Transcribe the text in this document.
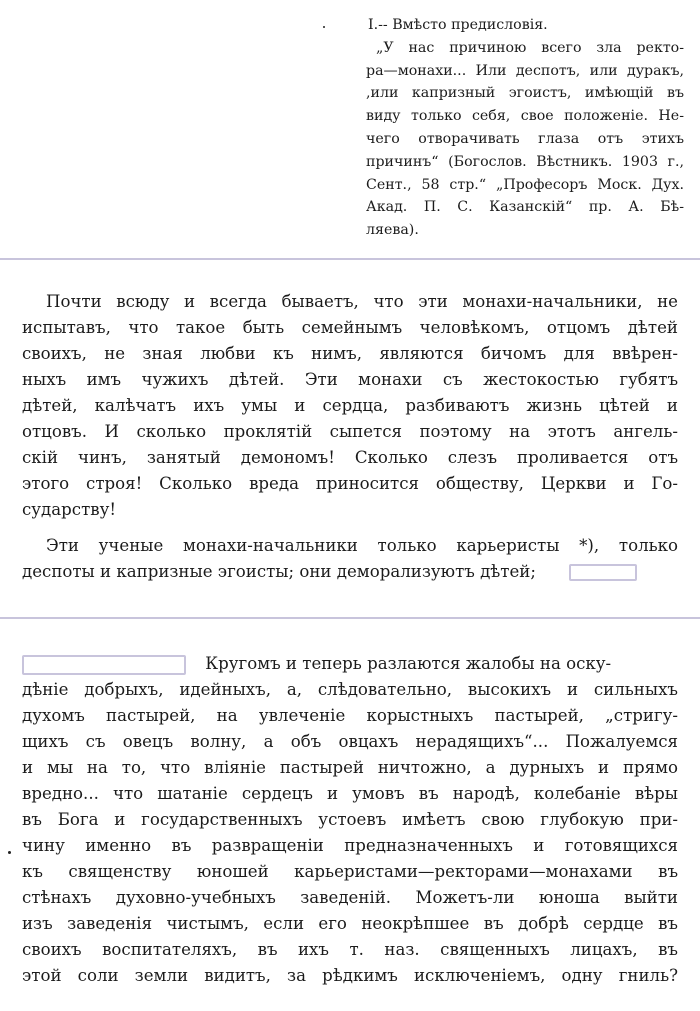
I.-- Вмѣсто предисловія.
„У нас причиною всего зла ректо-
ра—монахи... Или деспотъ, или дуракъ,
,или капризный эгоистъ, имѣющій въ
виду только себя, свое положеніе. Не-
чего отворачивать глаза отъ этихъ
причинъ“ (Богослов. Вѣстникъ. 1903 г.,
Сент., 58 стр.“ „Професоръ Моск. Дух.
Акад. П. С. Казанскій“ пр. А. Бѣ-
ляева).
Почти всюду и всегда бываетъ, что эти монахи-начальники, не
испытавъ, что такое быть семейнымъ человѣкомъ, отцомъ дѣтей
своихъ, не зная любви къ нимъ, являются бичомъ для ввѣрен-
ныхъ имъ чужихъ дѣтей. Эти монахи съ жестокостью губятъ
дѣтей, калѣчатъ ихъ умы и сердца, разбиваютъ жизнь цѣтей и
отцовъ. И сколько проклятій сыпется поэтому на этотъ ангель-
скій чинъ, занятый демономъ! Сколько слезъ проливается отъ
этого строя! Сколько вреда приносится обществу, Церкви и Го-
сударству!
Эти ученые монахи-начальники только карьеристы *), только
деспоты и капризные эгоисты; они деморализуютъ дѣтей;
Кругомъ и теперь разлаются жалобы на оску-
дѣніе добрыхъ, идейныхъ, а, слѣдовательно, высокихъ и сильныхъ
духомъ пастырей, на увлеченіе корыстныхъ пастырей, „стригу-
щихъ съ овецъ волну, а объ овцахъ нерадящихъ“... Пожалуемся
и мы на то, что вліяніе пастырей ничтожно, а дурныхъ и прямо
вредно... что шатаніе сердецъ и умовъ въ народѣ, колебаніе вѣры
въ Бога и государственныхъ устоевъ имѣетъ свою глубокую при-
чину именно въ развращеніи предназначенныхъ и готовящихся
къ священству юношей карьеристами—ректорами—монахами въ
стѣнахъ духовно-учебныхъ заведеній. Можетъ-ли юноша выйти
изъ заведенія чистымъ, если его неокрѣпшее въ добрѣ сердце въ
своихъ воспитателяхъ, въ ихъ т. наз. священныхъ лицахъ, въ
этой соли земли видитъ, за рѣдкимъ исключеніемъ, одну гниль?
